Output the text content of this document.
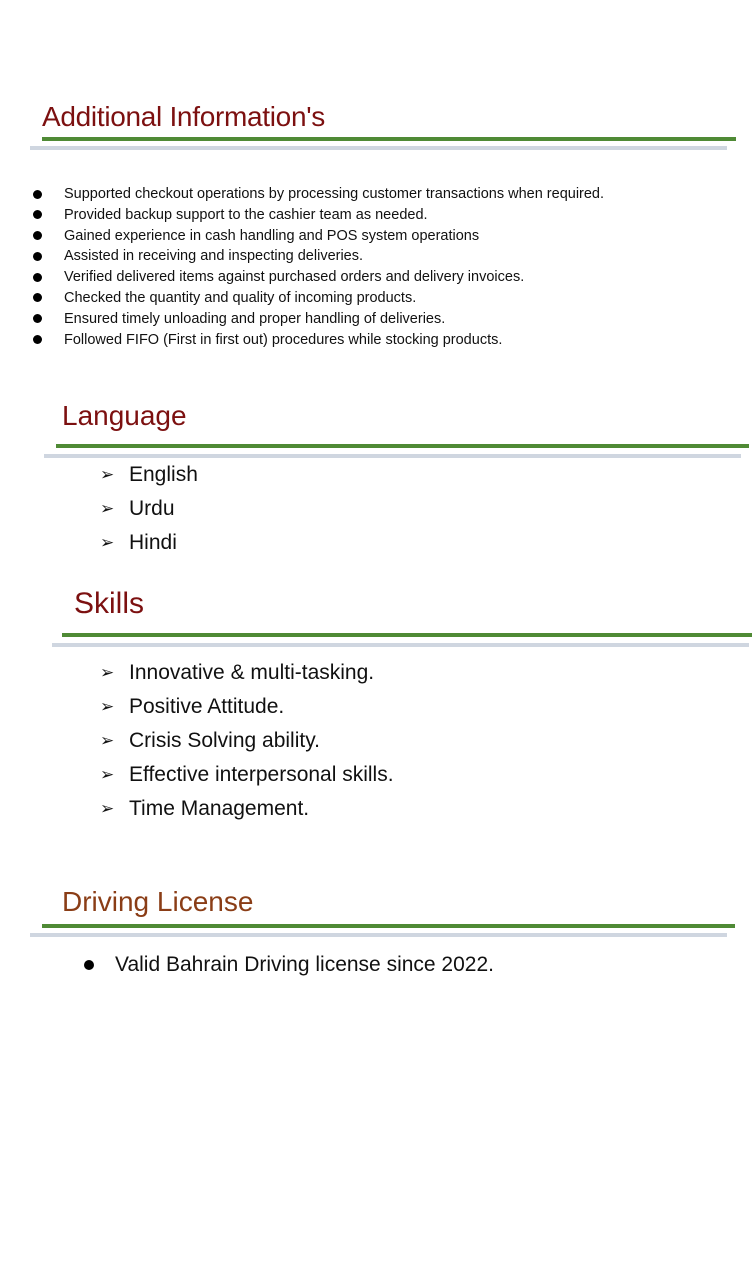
Additional Information's
Supported checkout operations by processing customer transactions when required.
Provided backup support to the cashier team as needed.
Gained experience in cash handling and POS system operations
Assisted in receiving and inspecting deliveries.
Verified delivered items against purchased orders and delivery invoices.
Checked the quantity and quality of incoming products.
Ensured timely unloading and proper handling of deliveries.
Followed FIFO (First in first out) procedures while stocking products.
Language
➢ English
➢ Urdu
➢ Hindi
Skills
➢ Innovative & multi-tasking.
➢ Positive Attitude.
➢ Crisis Solving ability.
➢ Effective interpersonal skills.
➢ Time Management.
Driving License
Valid Bahrain Driving license since 2022.
